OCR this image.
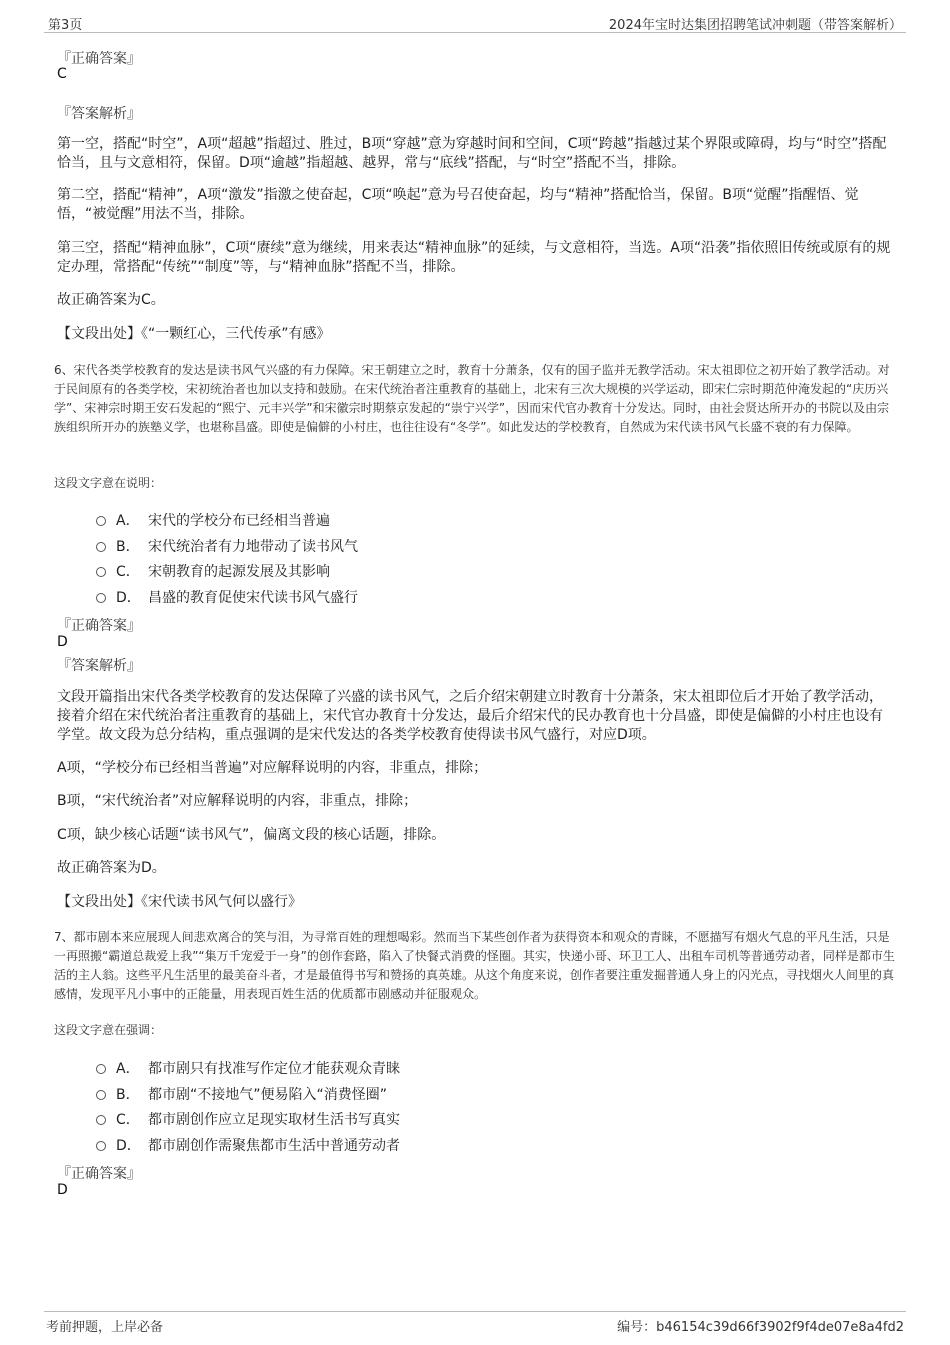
第3页	2024年宝时达集团招聘笔试冲刺题（带答案解析）
『正确答案』
C
『答案解析』
第一空，搭配“时空”，A项“超越”指超过、胜过，B项“穿越”意为穿越时间和空间，C项“跨越”指越过某个界限或障碍，均与“时空”搭配恰当，且与文意相符，保留。D项“逾越”指超越、越界，常与“底线”搭配，与“时空”搭配不当，排除。
第二空，搭配“精神”，A项“激发”指激之使奋起，C项“唤起”意为号召使奋起，均与“精神”搭配恰当，保留。B项“觉醒”指醒悟、觉悟，“被觉醒”用法不当，排除。
第三空，搭配“精神血脉”，C项“赓续”意为继续，用来表达“精神血脉”的延续，与文意相符，当选。A项“沿袭”指依照旧传统或原有的规定办理，常搭配“传统”“制度”等，与“精神血脉”搭配不当，排除。
故正确答案为C。
【文段出处】《“一颗红心，三代传承”有感》
6、宋代各类学校教育的发达是读书风气兴盛的有力保障。宋王朝建立之时，教育十分萧条，仅有的国子监并无教学活动。宋太祖即位之初开始了教学活动。对于民间原有的各类学校，宋初统治者也加以支持和鼓励。在宋代统治者注重教育的基础上，北宋有三次大规模的兴学运动，即宋仁宗时期范仲淹发起的“庆历兴学”、宋神宗时期王安石发起的“熙宁、元丰兴学”和宋徽宗时期蔡京发起的“崇宁兴学”，因而宋代官办教育十分发达。同时，由社会贤达所开办的书院以及由宗族组织所开办的族塾义学，也堪称昌盛。即使是偏僻的小村庄，也往往设有“冬学”。如此发达的学校教育，自然成为宋代读书风气长盛不衰的有力保障。
这段文字意在说明：
A． 宋代的学校分布已经相当普遍
B． 宋代统治者有力地带动了读书风气
C． 宋朝教育的起源发展及其影响
D． 昌盛的教育促使宋代读书风气盛行
『正确答案』
D
『答案解析』
文段开篇指出宋代各类学校教育的发达保障了兴盛的读书风气，之后介绍宋朝建立时教育十分萧条，宋太祖即位后才开始了教学活动，接着介绍在宋代统治者注重教育的基础上，宋代官办教育十分发达，最后介绍宋代的民办教育也十分昌盛，即使是偏僻的小村庄也设有学堂。故文段为总分结构，重点强调的是宋代发达的各类学校教育使得读书风气盛行，对应D项。
A项，“学校分布已经相当普遍”对应解释说明的内容，非重点，排除；
B项，“宋代统治者”对应解释说明的内容，非重点，排除；
C项，缺少核心话题“读书风气”，偏离文段的核心话题，排除。
故正确答案为D。
【文段出处】《宋代读书风气何以盛行》
7、都市剧本来应展现人间悲欢离合的笑与泪，为寻常百姓的理想喝彩。然而当下某些创作者为获得资本和观众的青睐，不愿描写有烟火气息的平凡生活，只是一再照搬“霸道总裁爱上我”“集万千宠爱于一身”的创作套路，陷入了快餐式消费的怪圈。其实，快递小哥、环卫工人、出租车司机等普通劳动者，同样是都市生活的主人翁。这些平凡生活里的最美奋斗者，才是最值得书写和赞扬的真英雄。从这个角度来说，创作者要注重发掘普通人身上的闪光点，寻找烟火人间里的真感情，发现平凡小事中的正能量，用表现百姓生活的优质都市剧感动并征服观众。
这段文字意在强调：
A． 都市剧只有找准写作定位才能获观众青睐
B． 都市剧“不接地气”便易陷入“消费怪圈”
C． 都市剧创作应立足现实取材生活书写真实
D． 都市剧创作需聚焦都市生活中普通劳动者
『正确答案』
D
考前押题，上岸必备	编号：b46154c39d66f3902f9f4de07e8a4fd2
